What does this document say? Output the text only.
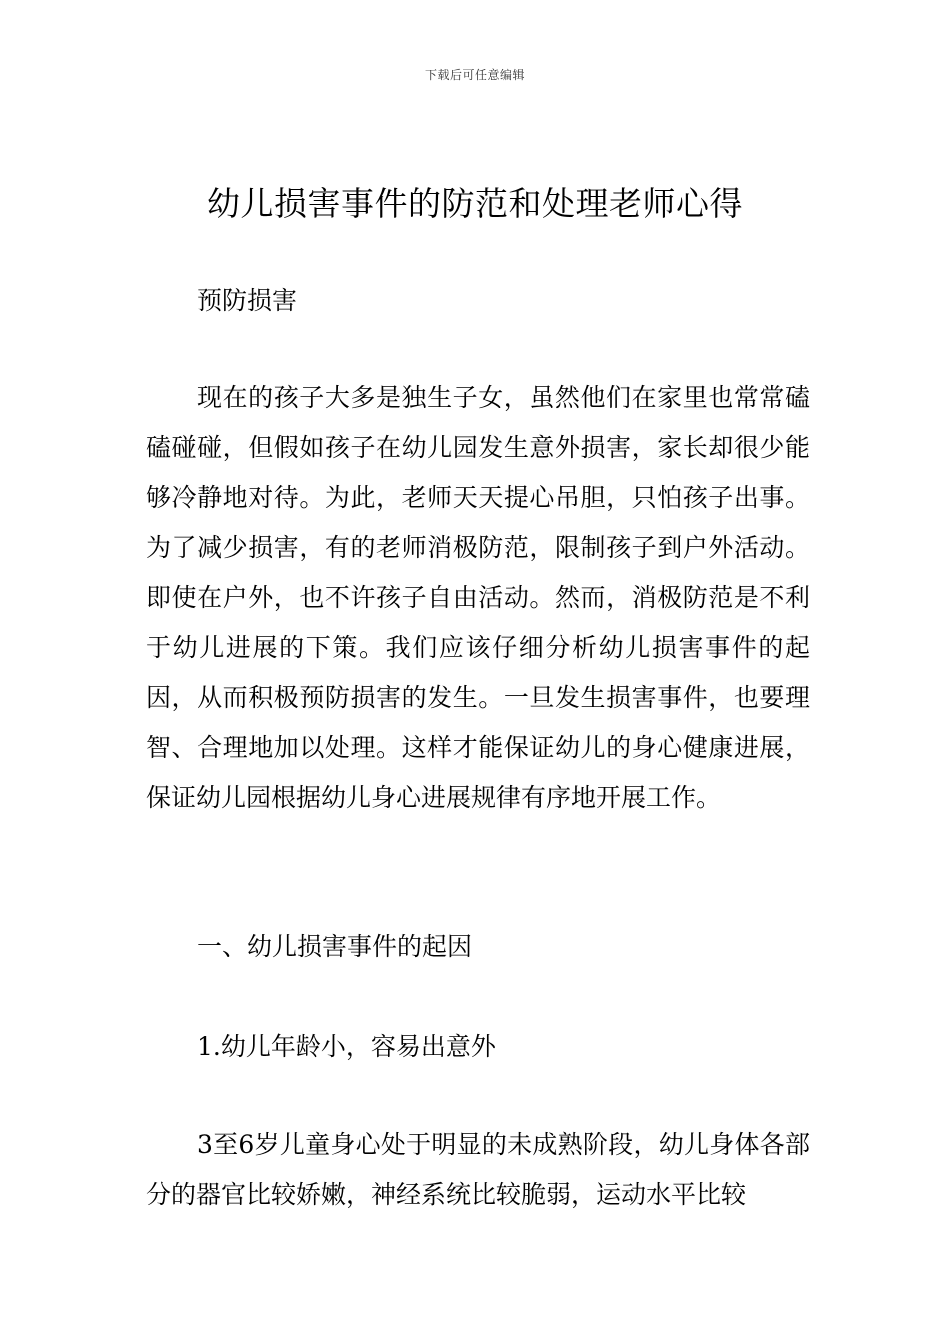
下载后可任意编辑
幼儿损害事件的防范和处理老师心得

预防损害

现在的孩子大多是独生子女，虽然他们在家里也常常磕磕碰碰，但假如孩子在幼儿园发生意外损害，家长却很少能够冷静地对待。为此，老师天天提心吊胆，只怕孩子出事。为了减少损害，有的老师消极防范，限制孩子到户外活动。即使在户外，也不许孩子自由活动。然而，消极防范是不利于幼儿进展的下策。我们应该仔细分析幼儿损害事件的起因，从而积极预防损害的发生。一旦发生损害事件，也要理智、合理地加以处理。这样才能保证幼儿的身心健康进展，保证幼儿园根据幼儿身心进展规律有序地开展工作。

一、幼儿损害事件的起因

1.幼儿年龄小，容易出意外

3至6岁儿童身心处于明显的未成熟阶段，幼儿身体各部分的器官比较娇嫩，神经系统比较脆弱，运动水平比较
